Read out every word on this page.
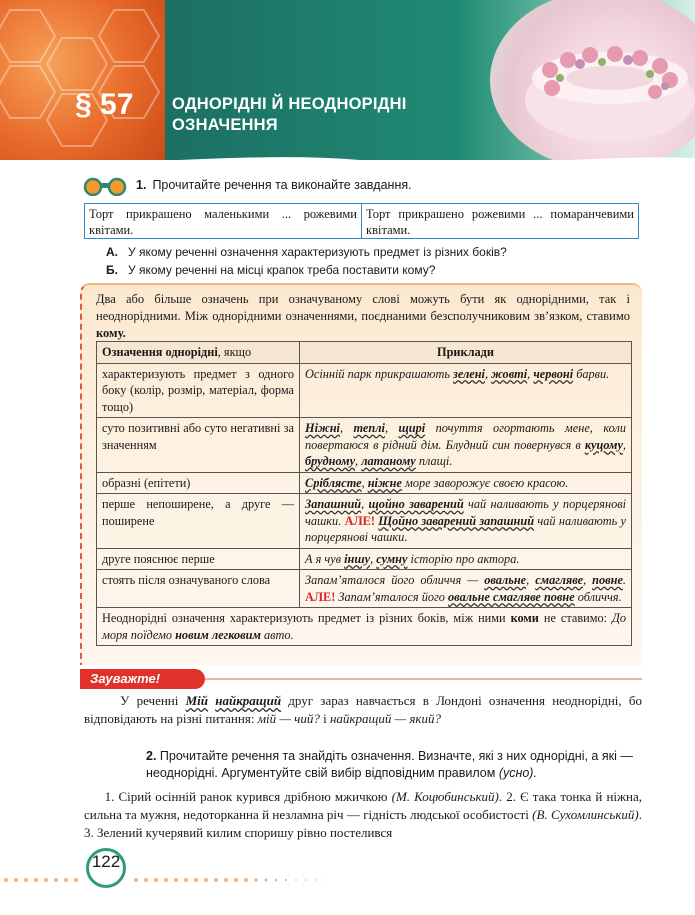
§ 57	ОДНОРІДНІ Й НЕОДНОРІДНІ
ОЗНАЧЕННЯ
1. Прочитайте речення та виконайте завдання.
Торт прикрашено маленькими ... рожевими квітами.
Торт прикрашено рожевими ... помаранчевими квітами.
А. У якому реченні означення характеризують предмет із різних боків?
Б. У якому реченні на місці крапок треба поставити кому?
Два або більше означень при означуваному слові можуть бути як однорідними, так і неоднорідними. Між однорідними означеннями, поєднаними безсполучниковим зв’язком, ставимо кому.
Означення однорідні, якщо	Приклади
характеризують предмет з одного боку (колір, розмір, матеріал, форма тощо)	Осінній парк прикрашають зелені, жовті, червоні барви.
суто позитивні або суто негативні за значенням	Ніжні, теплі, щирі почуття огортають мене, коли повертаюся в рідний дім. Блудний син повернувся в куцому, брудному, латаному плащі.
образні (епітети)	Сріблясте, ніжне море заворожує своєю красою.
перше непоширене, а друге — поширене	Запашний, щойно заварений чай наливають у порцерянові чашки. АЛЕ! Щойно заварений запашний чай наливають у порцерянові чашки.
друге пояснює перше	А я чув іншу, сумну історію про актора.
стоять після означуваного слова	Запам’яталося його обличчя — овальне, смагляве, повне. АЛЕ! Запам’яталося його овальне смагляве повне обличчя.
Неоднорідні означення характеризують предмет із різних боків, між ними коми не ставимо: До моря поїдемо новим легковим авто.	
Зауважте!
У реченні Мій найкращий друг зараз навчається в Лондоні означення неоднорідні, бо відповідають на різні питання: мій — чий? і найкращий — який?
2. Прочитайте речення та знайдіть означення. Визначте, які з них однорідні, а які — неоднорідні. Аргументуйте свій вибір відповідним правилом (усно).
1. Сірий осінній ранок курився дрібною мжичкою (М. Коцюбинський). 2. Є така тонка й ніжна, сильна та мужня, недоторканна й незламна річ — гідність людської особистості (В. Сухомлинський). 3. Зелений кучерявий килим споришу рівно постелився
122
